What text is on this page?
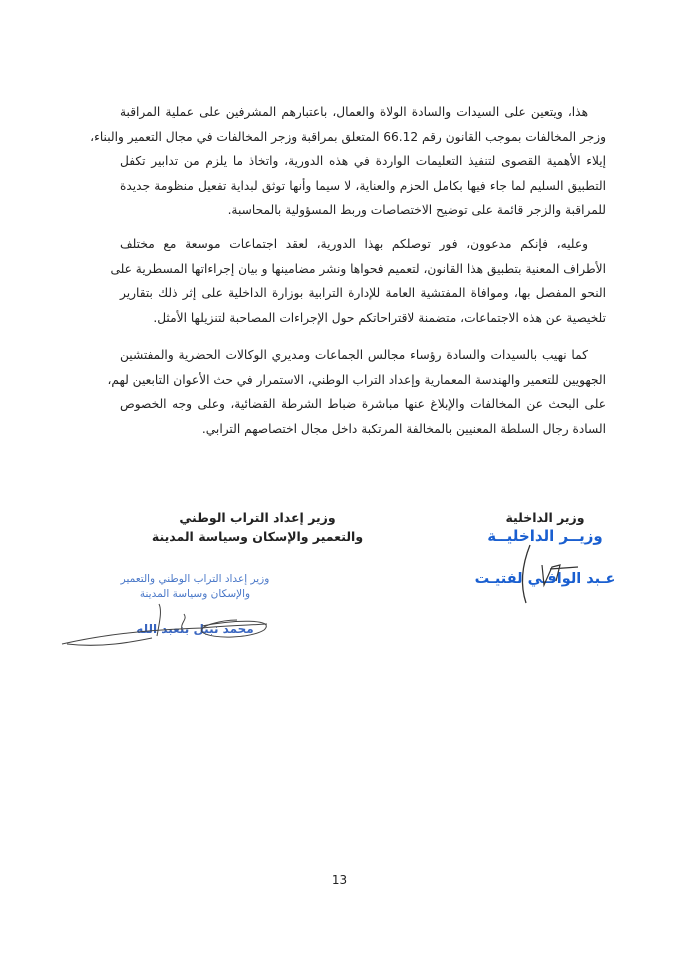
هذا، ويتعين على السيدات والسادة الولاة والعمال، باعتبارهم المشرفين على عملية المراقبة
وزجر المخالفات بموجب القانون رقم 66.12 المتعلق بمراقبة وزجر المخالفات في مجال التعمير والبناء،
إيلاء الأهمية القصوى لتنفيذ التعليمات الواردة في هذه الدورية، واتخاذ ما يلزم من تدابير تكفل
التطبيق السليم لما جاء فيها بكامل الحزم والعناية، لا سيما وأنها توثق لبداية تفعيل منظومة جديدة
للمراقبة والزجر قائمة على توضيح الاختصاصات وربط المسؤولية بالمحاسبة.
وعليه، فإنكم مدعوون، فور توصلكم بهذا الدورية، لعقد اجتماعات موسعة مع مختلف
الأطراف المعنية بتطبيق هذا القانون، لتعميم فحواها ونشر مضامينها و بيان إجراءاتها المسطرية على
النحو المفصل بها، وموافاة المفتشية العامة للإدارة الترابية بوزارة الداخلية على إثر ذلك بتقارير
تلخيصية عن هذه الاجتماعات، متضمنة لاقتراحاتكم حول الإجراءات المصاحبة لتنزيلها الأمثل.
كما نهيب بالسيدات والسادة رؤساء مجالس الجماعات ومديري الوكالات الحضرية والمفتشين
الجهويين للتعمير والهندسة المعمارية وإعداد التراب الوطني، الاستمرار في حث الأعوان التابعين لهم،
على البحث عن المخالفات والإبلاغ عنها مباشرة ضباط الشرطة القضائية، وعلى وجه الخصوص
السادة رجال السلطة المعنيين بالمخالفة المرتكبة داخل مجال اختصاصهم الترابي.
وزير الداخلية
وزيــر الداخليــة
عـبد الوافـي لفتيـت
وزير إعداد التراب الوطني
والتعمير والإسكان وسياسة المدينة
وزير إعداد التراب الوطني والتعمير
والإسكان وسياسة المدينة
محمد نبيل بنعبد الله
13
